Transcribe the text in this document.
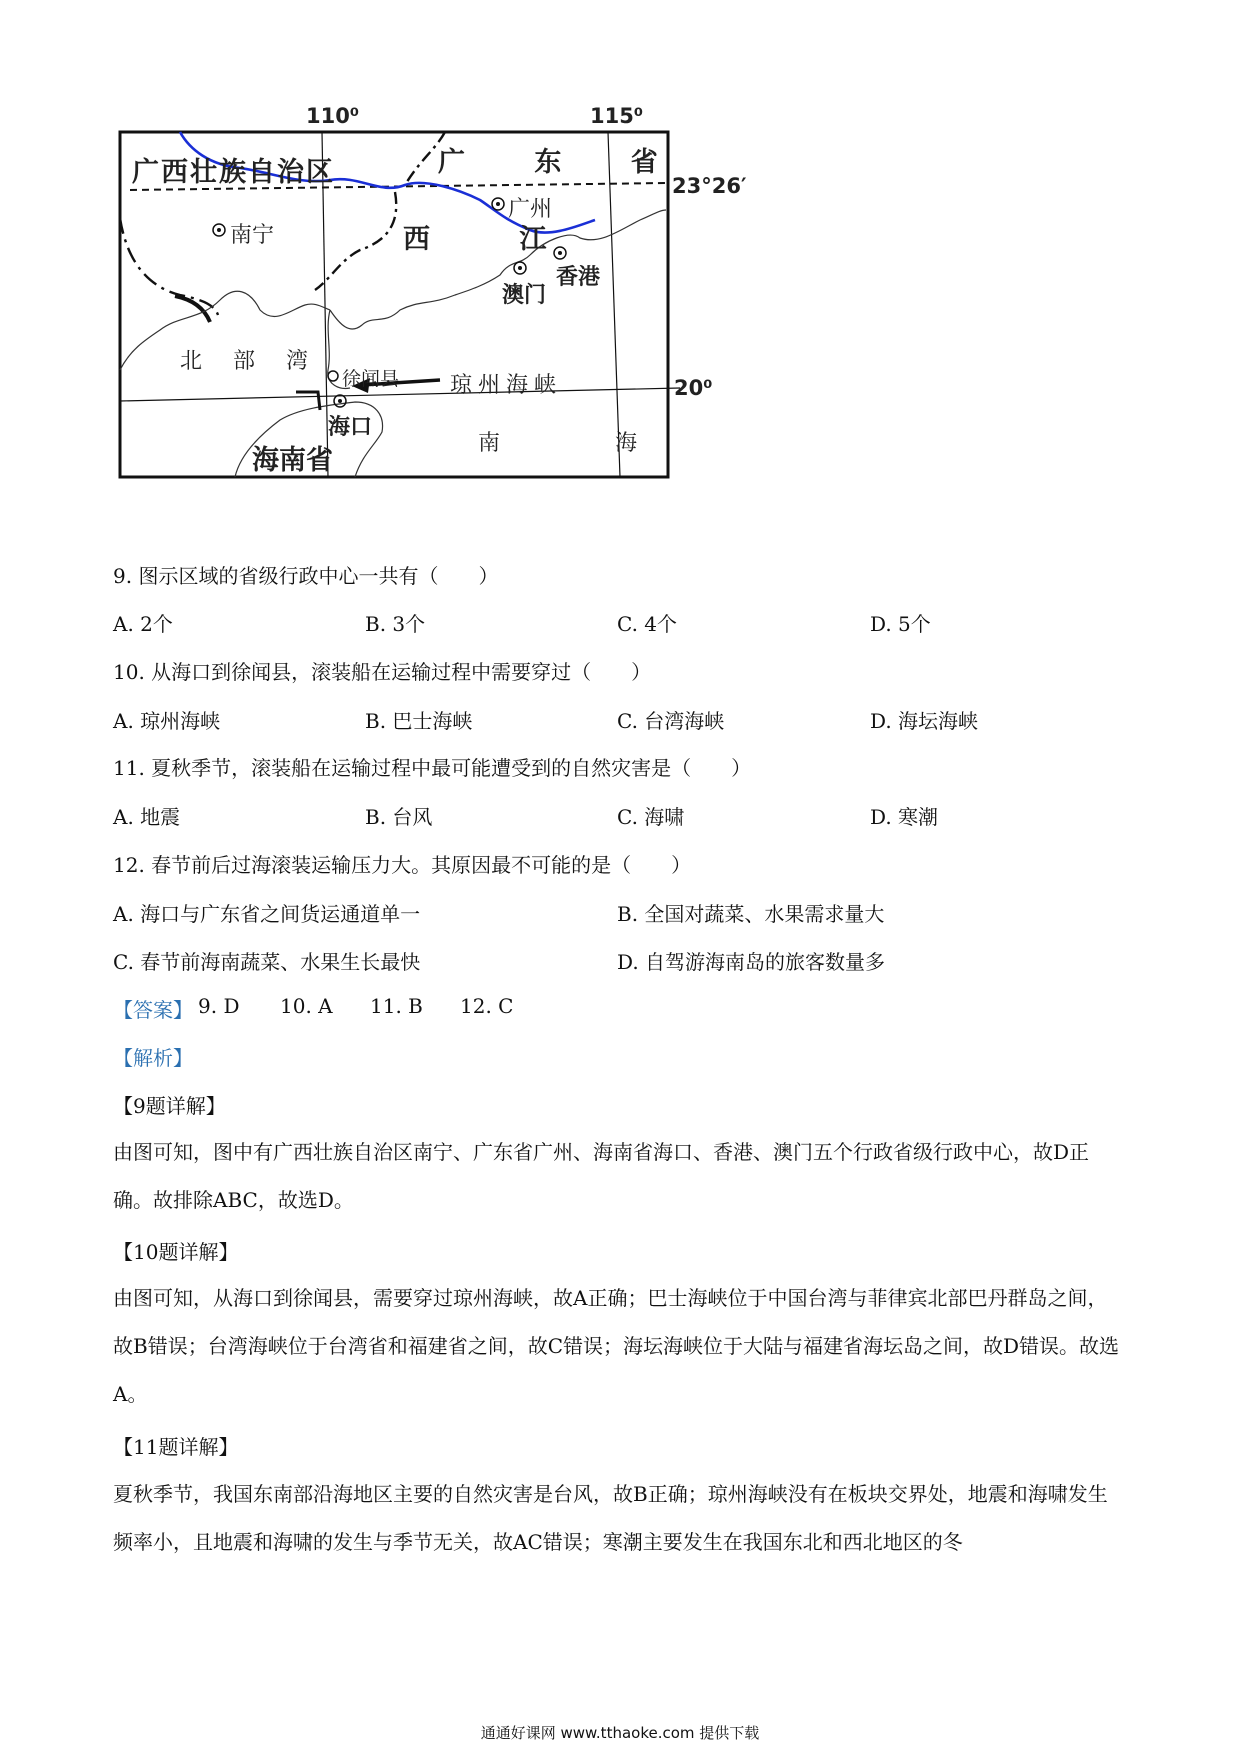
110⁰	115⁰
23°26′
20⁰
广西壮族自治区	广 东 省
海南省
南宁
广州
香港
澳门
徐闻县
海口
西 江
北 部 湾
琼州海峡
南 海
9. 图示区域的省级行政中心一共有（　　）
A. 2个	B. 3个	C. 4个	D. 5个
10. 从海口到徐闻县，滚装船在运输过程中需要穿过（　　）
A. 琼州海峡	B. 巴士海峡	C. 台湾海峡	D. 海坛海峡
11. 夏秋季节，滚装船在运输过程中最可能遭受到的自然灾害是（　　）
A. 地震	B. 台风	C. 海啸	D. 寒潮
12. 春节前后过海滚装运输压力大。其原因最不可能的是（　　）
A. 海口与广东省之间货运通道单一	B. 全国对蔬菜、水果需求量大
C. 春节前海南蔬菜、水果生长最快	D. 自驾游海南岛的旅客数量多
【答案】 9. D 10. A 11. B 12. C
【解析】
【9题详解】
由图可知，图中有广西壮族自治区南宁、广东省广州、海南省海口、香港、澳门五个行政省级行政中心，故D正确。故排除ABC，故选D。
【10题详解】
由图可知，从海口到徐闻县，需要穿过琼州海峡，故A正确；巴士海峡位于中国台湾与菲律宾北部巴丹群岛之间，故B错误；台湾海峡位于台湾省和福建省之间，故C错误；海坛海峡位于大陆与福建省海坛岛之间，故D错误。故选A。
【11题详解】
夏秋季节，我国东南部沿海地区主要的自然灾害是台风，故B正确；琼州海峡没有在板块交界处，地震和海啸发生频率小，且地震和海啸的发生与季节无关，故AC错误；寒潮主要发生在我国东北和西北地区的冬
通通好课网 www.tthaoke.com 提供下载
